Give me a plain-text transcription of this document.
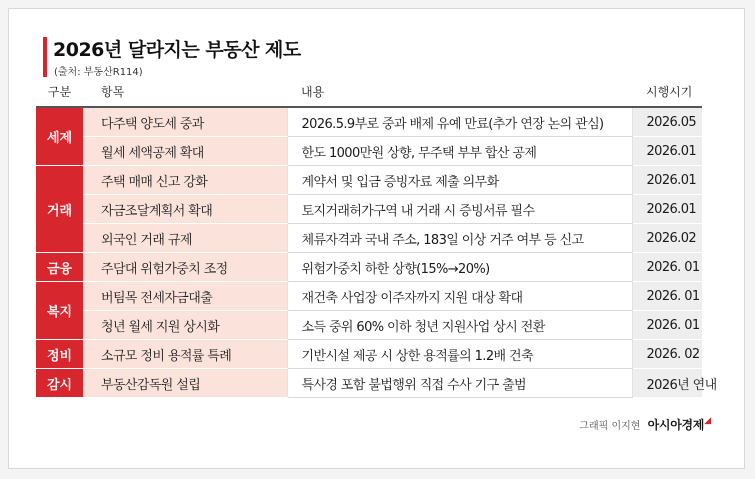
2026년 달라지는 부동산 제도
(출처: 부동산R114)
구분	항목	내용	시행시기
세제	다주택 양도세 중과	2026.5.9부로 중과 배제 유예 만료(추가 연장 논의 관심)	2026.05
	월세 세액공제 확대	한도 1000만원 상향, 무주택 부부 합산 공제	2026.01
거래	주택 매매 신고 강화	계약서 및 입금 증빙자료 제출 의무화	2026.01
	자금조달계획서 확대	토지거래허가구역 내 거래 시 증빙서류 필수	2026.01
	외국인 거래 규제	체류자격과 국내 주소, 183일 이상 거주 여부 등 신고	2026.02
금융	주담대 위험가중치 조정	위험가중치 하한 상향(15%→20%)	2026. 01
복지	버팀목 전세자금대출	재건축 사업장 이주자까지 지원 대상 확대	2026. 01
	청년 월세 지원 상시화	소득 중위 60% 이하 청년 지원사업 상시 전환	2026. 01
정비	소규모 정비 용적률 특례	기반시설 제공 시 상한 용적률의 1.2배 건축	2026. 02
감시	부동산감독원 설립	특사경 포함 불법행위 직접 수사 기구 출범	2026년 연내
그래픽 이지현 아시아경제◢
